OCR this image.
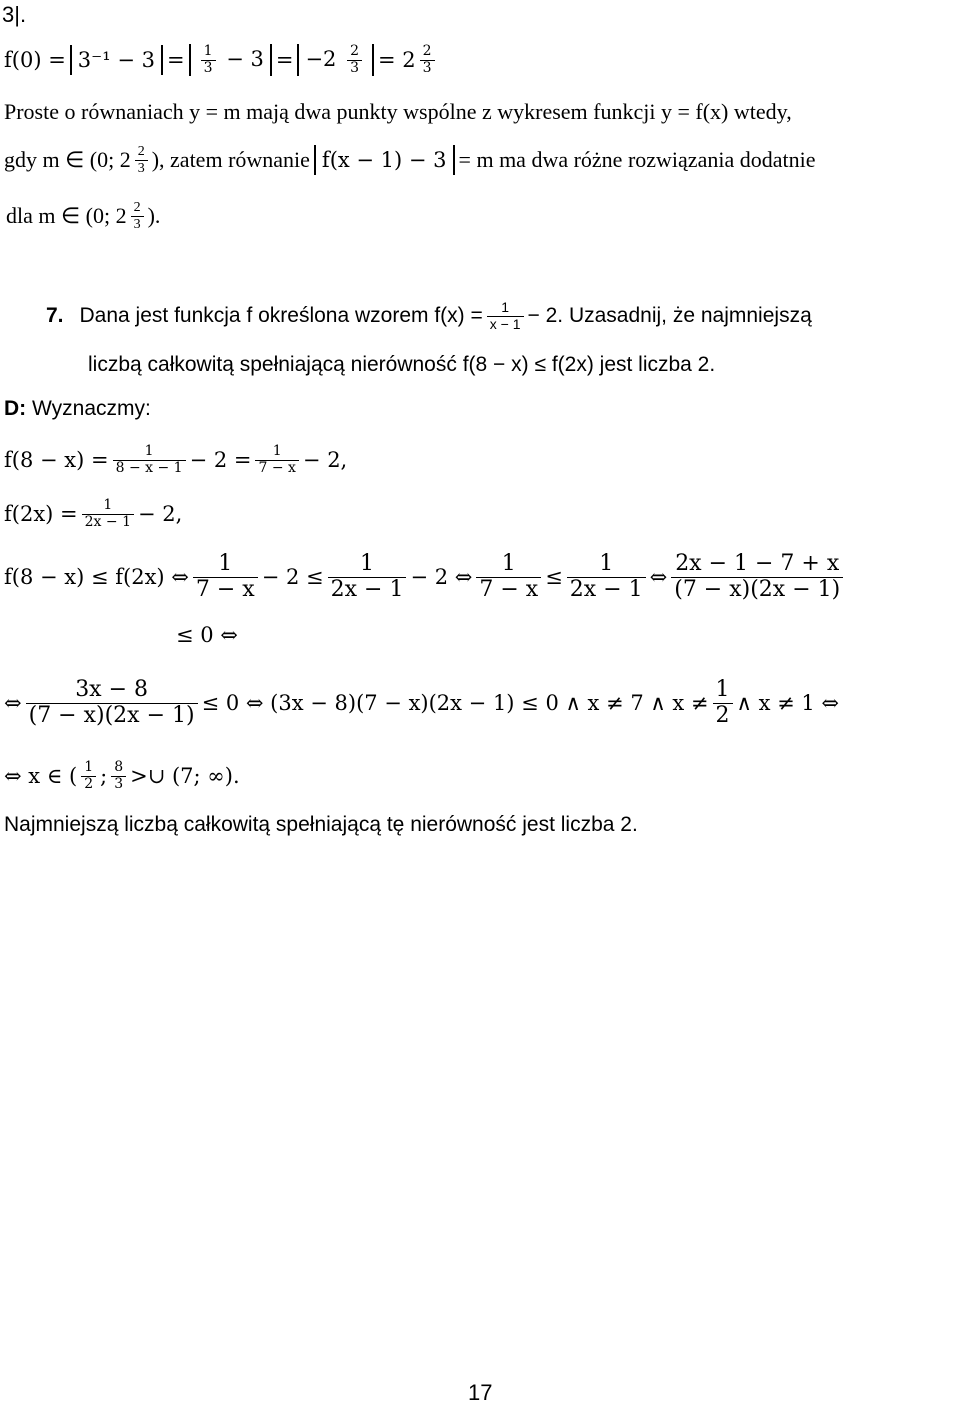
3|.
$f(0) = 3^{-1} - 3 = \frac{1}{3} - 3 = -2 \frac{2}{3} = 2 \frac{2}{3}$
Proste o równaniach y = m mają dwa punkty wspólne z wykresem funkcji y = f(x) wtedy,
gdy m ∈ (0; $2 \frac{2}{3}$ ), zatem równanie f(x − 1) − 3 = m ma dwa różne rozwiązania dodatnie
dla m ∈ (0; $2 \frac{2}{3}$ ).
7. Dana jest funkcja f określona wzorem $f(x) = \frac{1}{x - 1} - 2$. Uzasadnij, że najmniejszą
liczbą całkowitą spełniającą nierówność f(8 − x) ≤ f(2x) jest liczba 2.
D: Wyznaczmy:
$f(8 - x) = \frac{1}{8 - x - 1} - 2 = \frac{1}{7 - x} - 2$,
$f(2x) = \frac{1}{2x - 1} - 2$,
f(8 − x) ≤ f(2x) ⇔ $\frac{1}{7 - x} - 2 \le \frac{1}{2x - 1} - 2$ ⇔ $\frac{1}{7 - x} \le \frac{1}{2x - 1}$ ⇔ $\frac{2x - 1 - 7 + x}{(7 - x)(2x - 1)}$
≤ 0 ⇔
⇔ $\frac{3x - 8}{(7 - x)(2x - 1)} \le 0$ ⇔ (3x − 8)(7 − x)(2x − 1) ≤ 0 ∧ x ≠ 7 ∧ $x \ne \frac{1}{2}$ ∧ x ≠ 1 ⇔
⇔ x ∈ ( $\frac{1}{2}$ ; $\frac{8}{3}$ >∪ (7; ∞).
Najmniejszą liczbą całkowitą spełniającą tę nierówność jest liczba 2.
17
